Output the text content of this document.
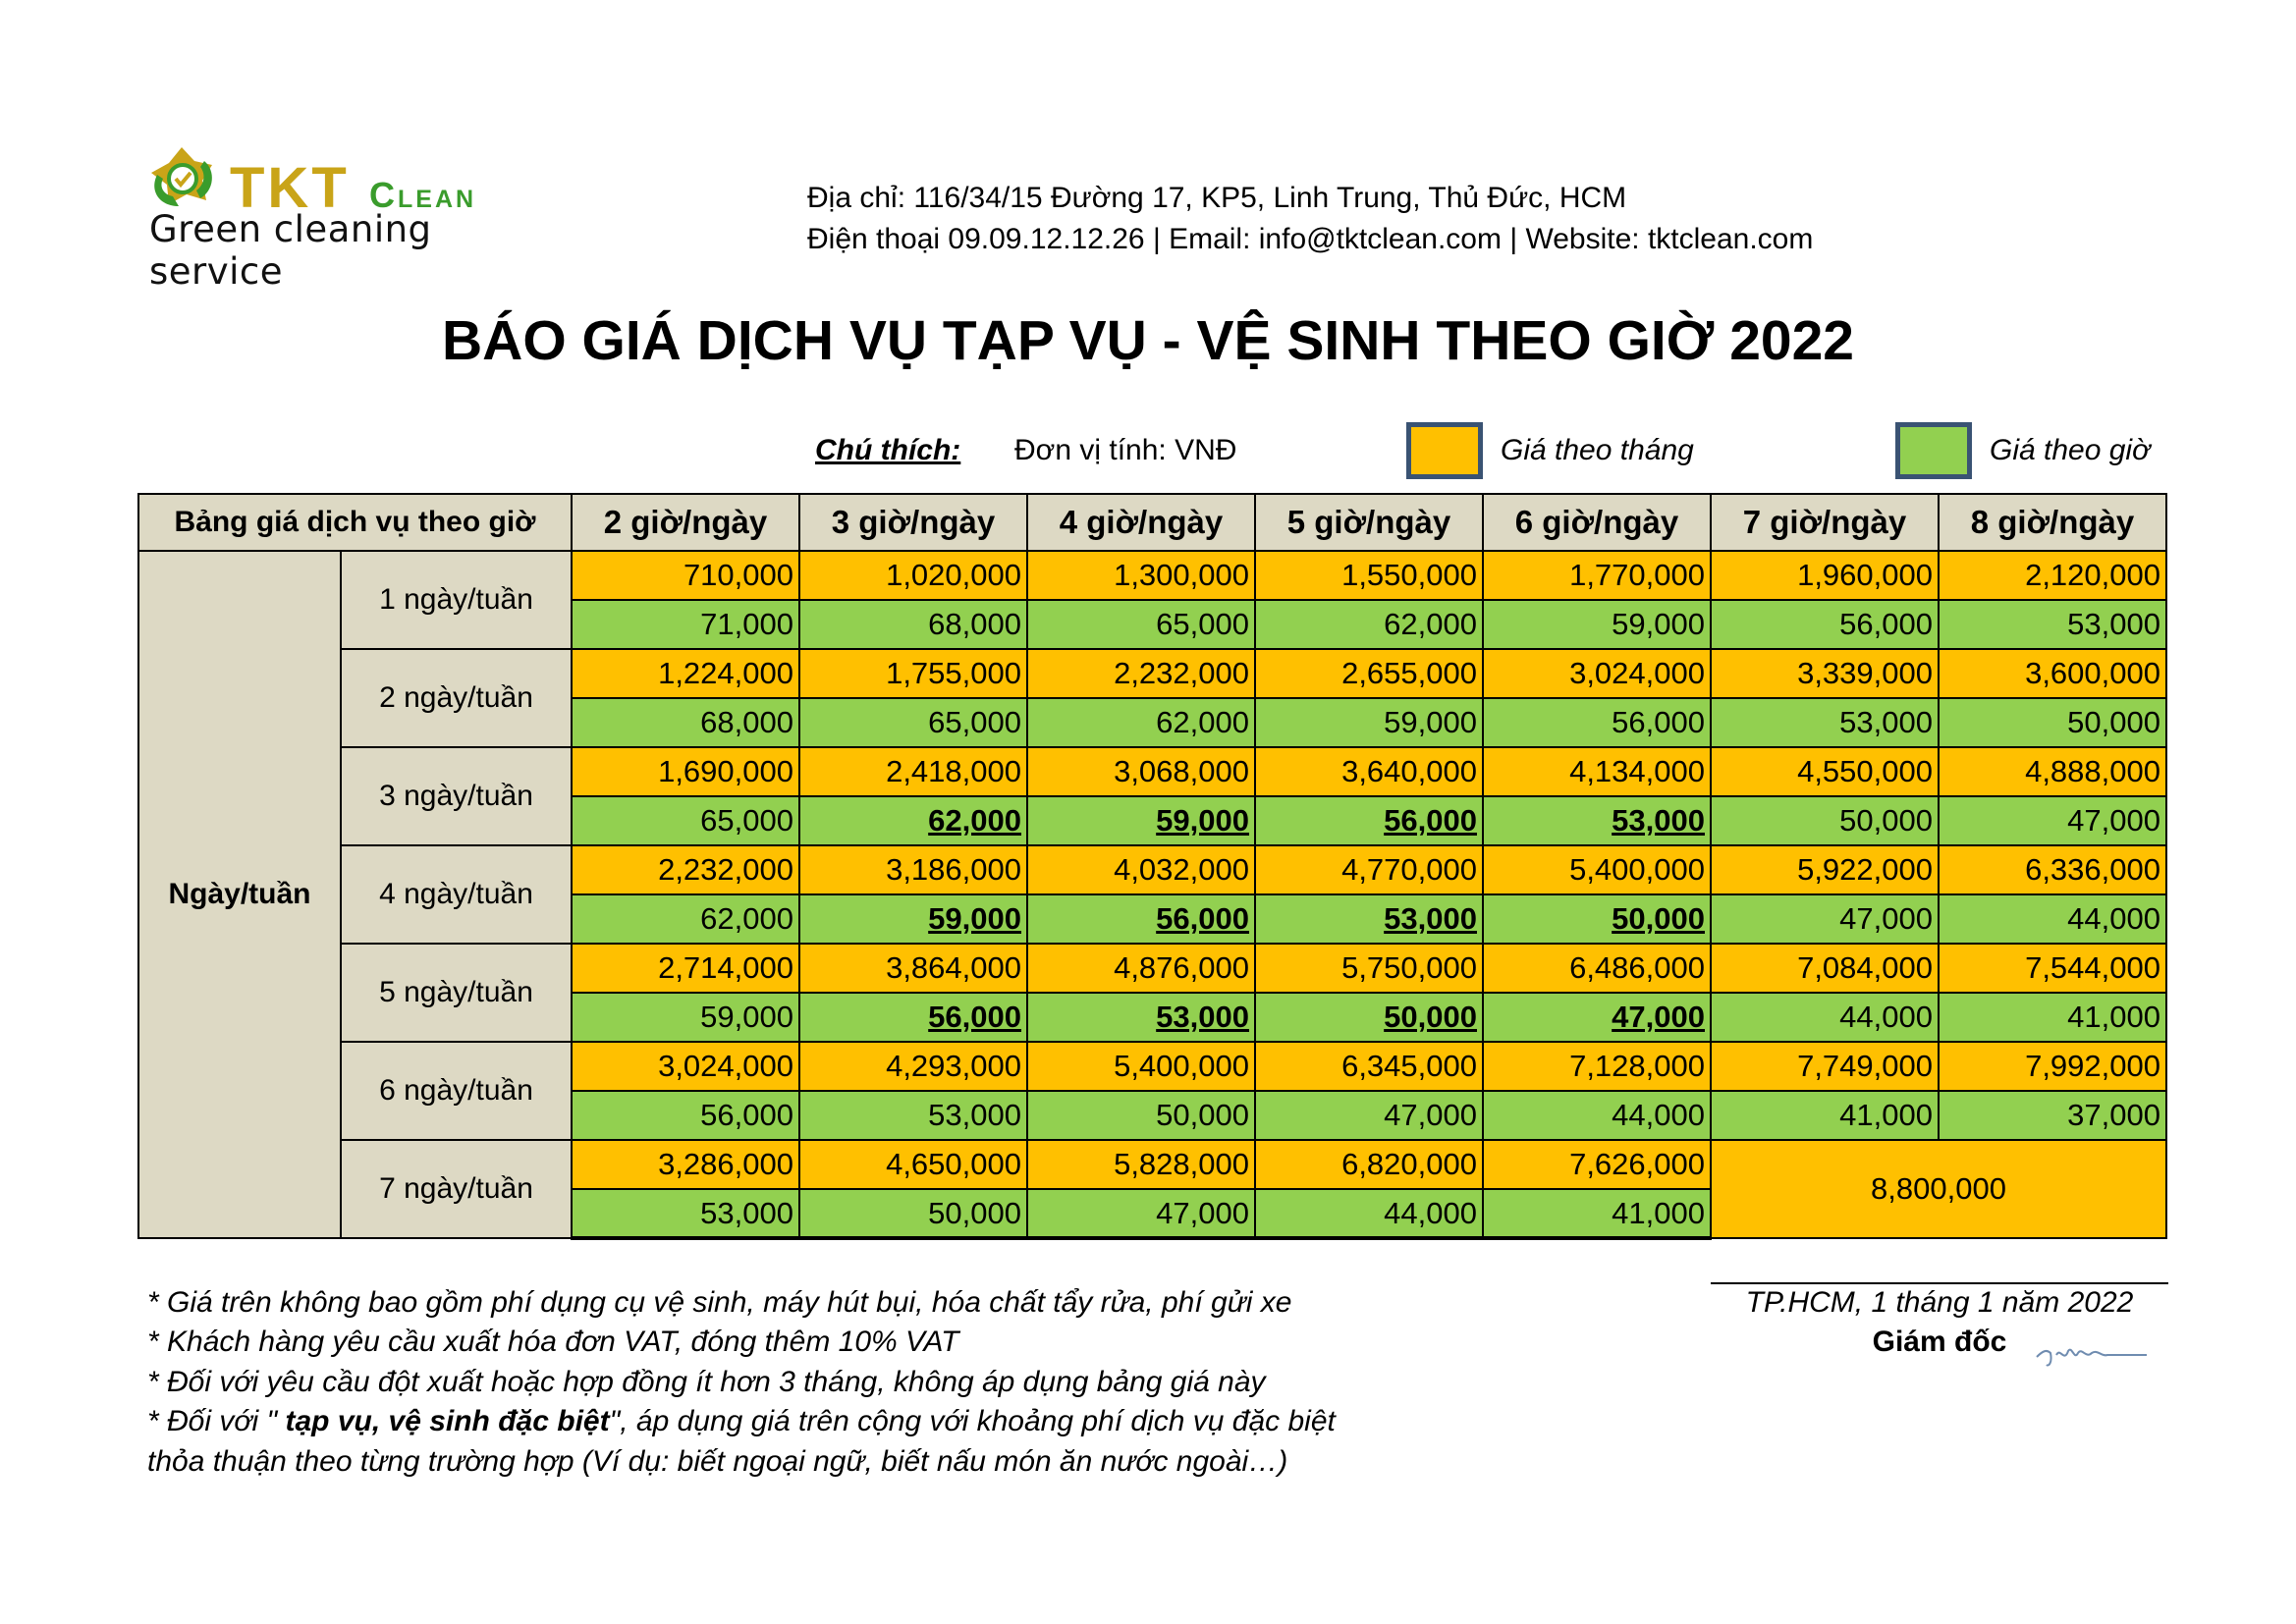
TKT Clean
Green cleaning service
Địa chỉ: 116/34/15 Đường 17, KP5, Linh Trung, Thủ Đức, HCM
Điện thoại 09.09.12.12.26 | Email: info@tktclean.com | Website: tktclean.com
BÁO GIÁ DỊCH VỤ TẠP VỤ - VỆ SINH THEO GIỜ 2022
Chú thích: Đơn vị tính: VNĐ	Giá theo tháng	Giá theo giờ
Bảng giá dịch vụ theo giờ		2 giờ/ngày	3 giờ/ngày	4 giờ/ngày	5 giờ/ngày	6 giờ/ngày	7 giờ/ngày	8 giờ/ngày
Ngày/tuần	1 ngày/tuần	710,000	1,020,000	1,300,000	1,550,000	1,770,000	1,960,000	2,120,000
		71,000	68,000	65,000	62,000	59,000	56,000	53,000
	2 ngày/tuần	1,224,000	1,755,000	2,232,000	2,655,000	3,024,000	3,339,000	3,600,000
		68,000	65,000	62,000	59,000	56,000	53,000	50,000
	3 ngày/tuần	1,690,000	2,418,000	3,068,000	3,640,000	4,134,000	4,550,000	4,888,000
		65,000	62,000	59,000	56,000	53,000	50,000	47,000
	4 ngày/tuần	2,232,000	3,186,000	4,032,000	4,770,000	5,400,000	5,922,000	6,336,000
		62,000	59,000	56,000	53,000	50,000	47,000	44,000
	5 ngày/tuần	2,714,000	3,864,000	4,876,000	5,750,000	6,486,000	7,084,000	7,544,000
		59,000	56,000	53,000	50,000	47,000	44,000	41,000
	6 ngày/tuần	3,024,000	4,293,000	5,400,000	6,345,000	7,128,000	7,749,000	7,992,000
		56,000	53,000	50,000	47,000	44,000	41,000	37,000
	7 ngày/tuần	3,286,000	4,650,000	5,828,000	6,820,000	7,626,000	8,800,000	
		53,000	50,000	47,000	44,000	41,000		
* Giá trên không bao gồm phí dụng cụ vệ sinh, máy hút bụi, hóa chất tẩy rửa, phí gửi xe
* Khách hàng yêu cầu xuất hóa đơn VAT, đóng thêm 10% VAT
* Đối với yêu cầu đột xuất hoặc hợp đồng ít hơn 3 tháng, không áp dụng bảng giá này
* Đối với " tạp vụ, vệ sinh đặc biệt", áp dụng giá trên cộng với khoảng phí dịch vụ đặc biệt
thỏa thuận theo từng trường hợp (Ví dụ: biết ngoại ngữ, biết nấu món ăn nước ngoài…)
TP.HCM, 1 tháng 1 năm 2022
Giám đốc
